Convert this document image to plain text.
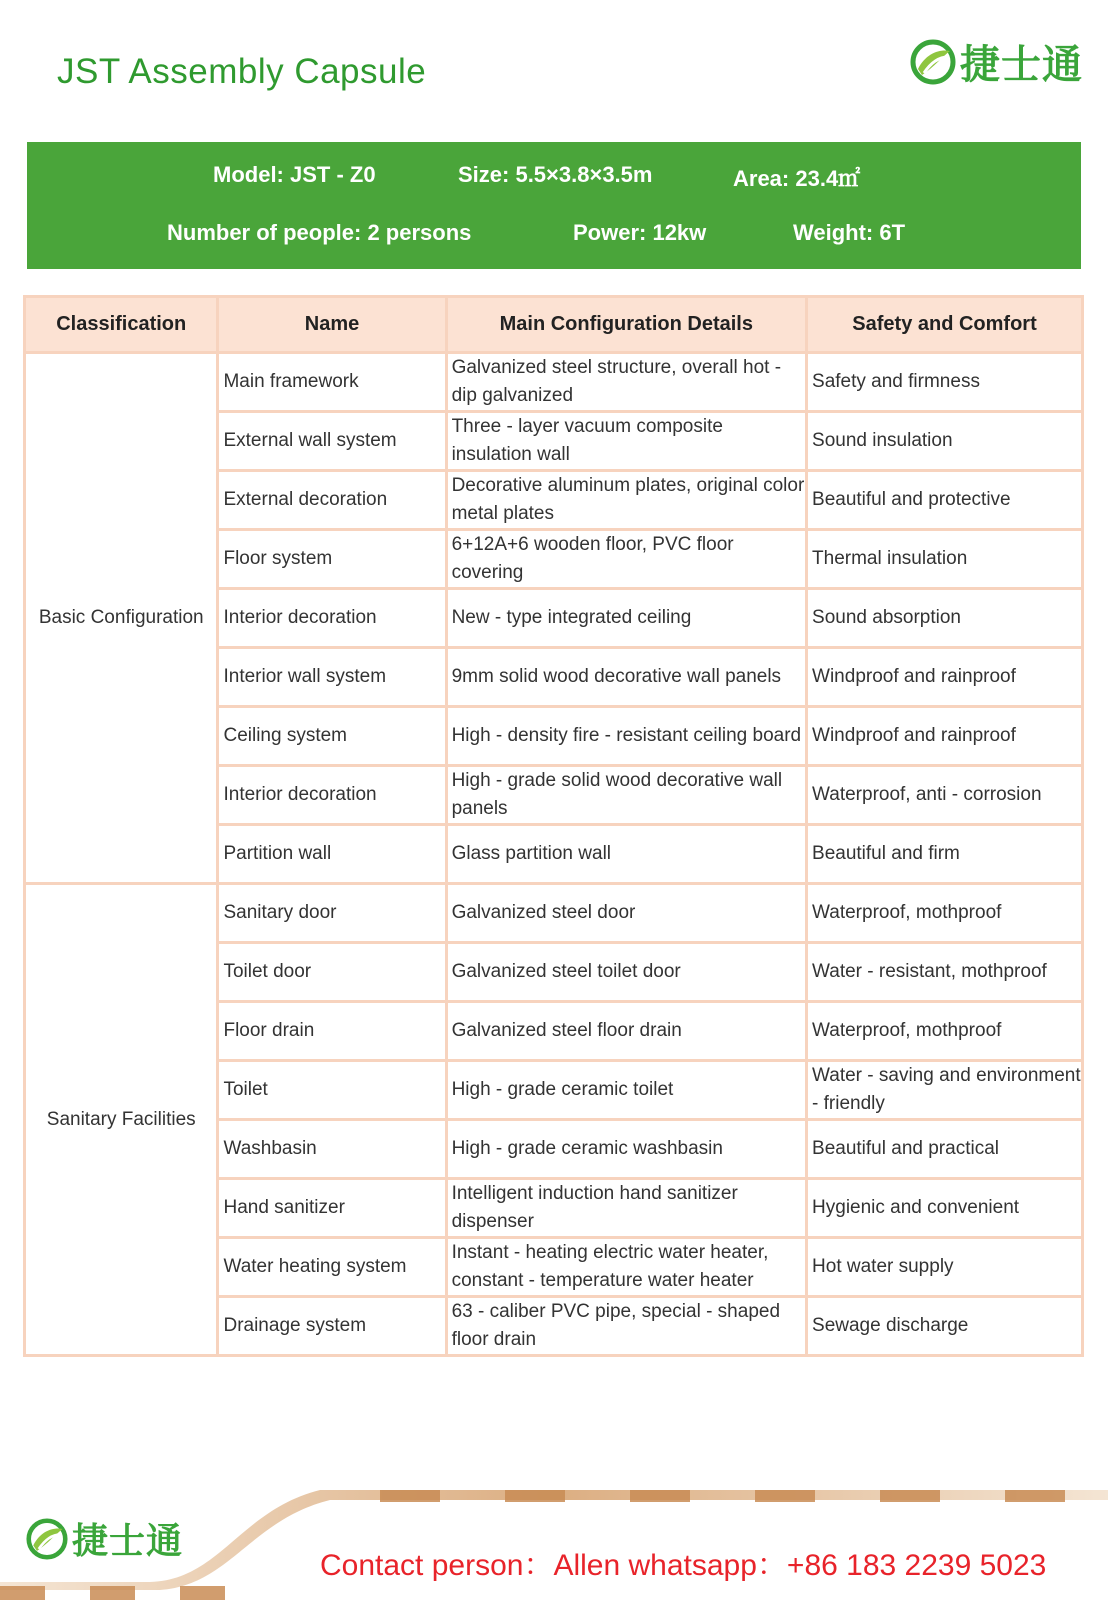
JST Assembly Capsule	捷士通
Model: JST - Z0	Size: 5.5×3.8×3.5m	Area: 23.4㎡
Number of people: 2 persons	Power: 12kw	Weight: 6T
Classification	Name	Main Configuration Details	Safety and Comfort
Basic Configuration	Main framework	Galvanized steel structure, overall hot - dip galvanized	Safety and firmness
	External wall system	Three - layer vacuum composite insulation wall	Sound insulation
	External decoration	Decorative aluminum plates, original color metal plates	Beautiful and protective
	Floor system	6+12A+6 wooden floor, PVC floor covering	Thermal insulation
	Interior decoration	New - type integrated ceiling	Sound absorption
	Interior wall system	9mm solid wood decorative wall panels	Windproof and rainproof
	Ceiling system	High - density fire - resistant ceiling board	Windproof and rainproof
	Interior decoration	High - grade solid wood decorative wall panels	Waterproof, anti - corrosion
	Partition wall	Glass partition wall	Beautiful and firm
Sanitary Facilities	Sanitary door	Galvanized steel door	Waterproof, mothproof
	Toilet door	Galvanized steel toilet door	Water - resistant, mothproof
	Floor drain	Galvanized steel floor drain	Waterproof, mothproof
	Toilet	High - grade ceramic toilet	Water - saving and environment - friendly
	Washbasin	High - grade ceramic washbasin	Beautiful and practical
	Hand sanitizer	Intelligent induction hand sanitizer dispenser	Hygienic and convenient
	Water heating system	Instant - heating electric water heater, constant - temperature water heater	Hot water supply
	Drainage system	63 - caliber PVC pipe, special - shaped floor drain	Sewage discharge
捷士通
Contact person：Allen whatsapp：+86 183 2239 5023
